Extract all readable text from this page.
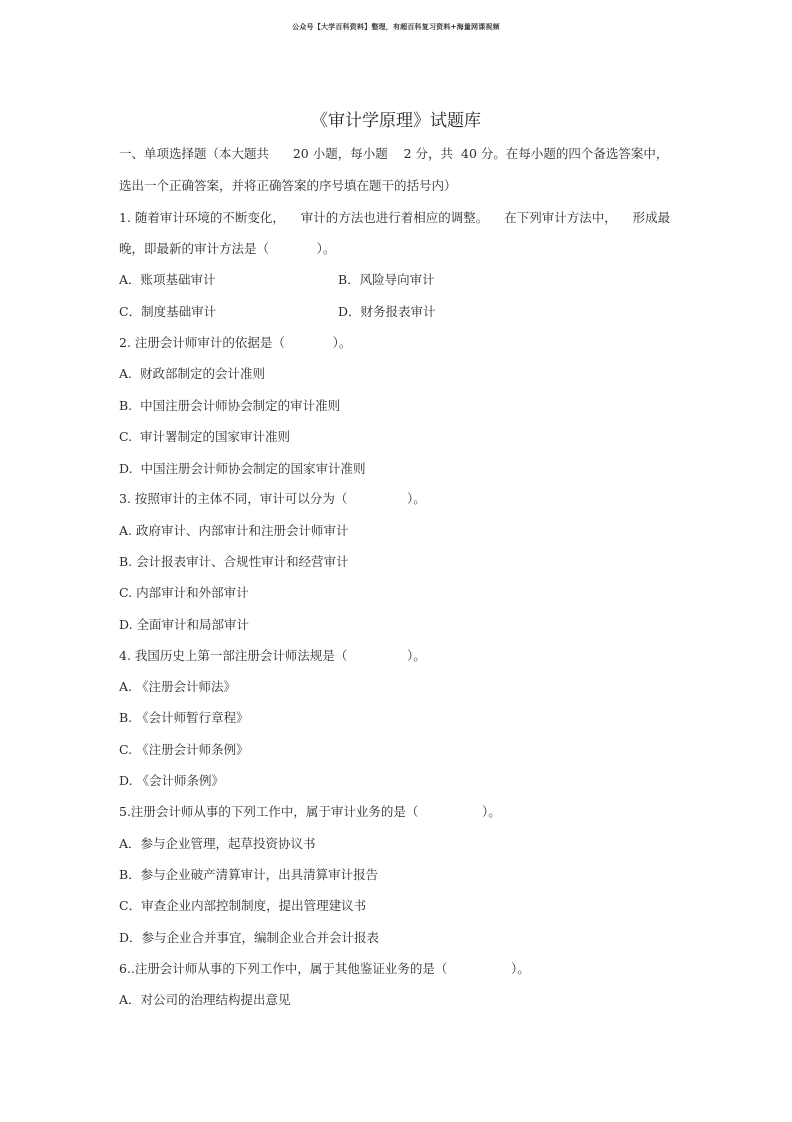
公众号【大学百科资料】整理，有超百科复习资料+海量网课视频
《审计学原理》试题库
一、单项选择题（本大题共      20 小题，每小题    2 分，共  40 分。在每小题的四个备选答案中，
选出一个正确答案，并将正确答案的序号填在题干的括号内）
1. 随着审计环境的不断变化，    审计的方法也进行着相应的调整。    在下列审计方法中，    形成最
晚，即最新的审计方法是（            ）。
A．账项基础审计	B．风险导向审计
C．制度基础审计	D．财务报表审计
2. 注册会计师审计的依据是（            ）。
A.  财政部制定的会计准则
B.  中国注册会计师协会制定的审计准则
C.  审计署制定的国家审计准则
D.  中国注册会计师协会制定的国家审计准则
3. 按照审计的主体不同，审计可以分为（               ）。
A. 政府审计、内部审计和注册会计师审计
B. 会计报表审计、合规性审计和经营审计
C. 内部审计和外部审计
D. 全面审计和局部审计
4. 我国历史上第一部注册会计师法规是（               ）。
A. 《注册会计师法》
B. 《会计师暂行章程》
C. 《注册会计师条例》
D. 《会计师条例》
5.注册会计师从事的下列工作中，属于审计业务的是（                ）。
A．参与企业管理，起草投资协议书
B．参与企业破产清算审计，出具清算审计报告
C．审查企业内部控制制度，提出管理建议书
D．参与企业合并事宜，编制企业合并会计报表
6..注册会计师从事的下列工作中，属于其他鉴证业务的是（                ）。
A．对公司的治理结构提出意见
